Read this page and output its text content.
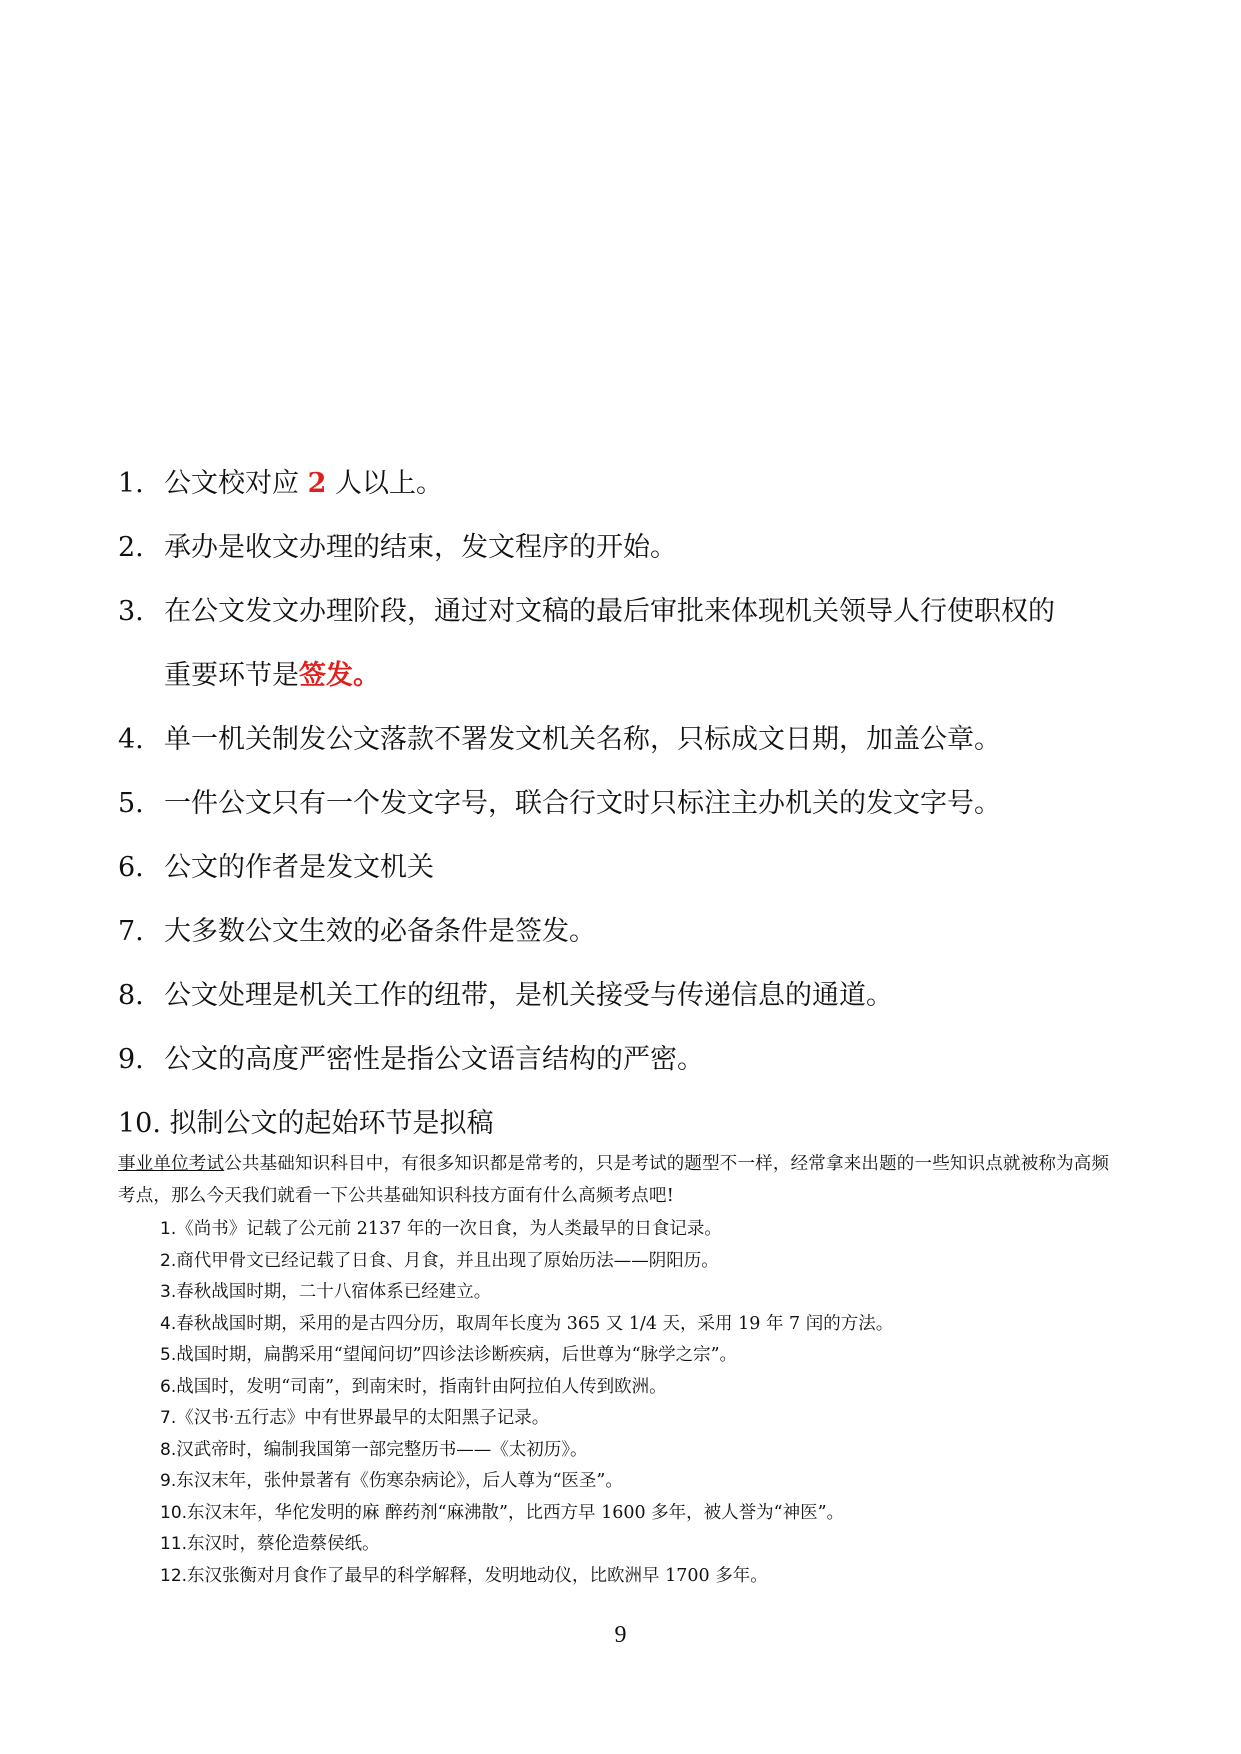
1. 公文校对应 2 人以上。
2. 承办是收文办理的结束，发文程序的开始。
3. 在公文发文办理阶段，通过对文稿的最后审批来体现机关领导人行使职权的
重要环节是签发。
4. 单一机关制发公文落款不署发文机关名称，只标成文日期，加盖公章。
5. 一件公文只有一个发文字号，联合行文时只标注主办机关的发文字号。
6. 公文的作者是发文机关
7. 大多数公文生效的必备条件是签发。
8. 公文处理是机关工作的纽带，是机关接受与传递信息的通道。
9. 公文的高度严密性是指公文语言结构的严密。
10. 拟制公文的起始环节是拟稿

事业单位考试公共基础知识科目中，有很多知识都是常考的，只是考试的题型不一样，经常拿来出题的一些知识点就被称为高频考点，那么今天我们就看一下公共基础知识科技方面有什么高频考点吧!

1.《尚书》记载了公元前 2137 年的一次日食，为人类最早的日食记录。
2.商代甲骨文已经记载了日食、月食，并且出现了原始历法——阴阳历。
3.春秋战国时期，二十八宿体系已经建立。
4.春秋战国时期，采用的是古四分历，取周年长度为 365 又 1/4 天，采用 19 年 7 闰的方法。
5.战国时期，扁鹊采用“望闻问切”四诊法诊断疾病，后世尊为“脉学之宗”。
6.战国时，发明“司南”，到南宋时，指南针由阿拉伯人传到欧洲。
7.《汉书·五行志》中有世界最早的太阳黑子记录。
8.汉武帝时，编制我国第一部完整历书——《太初历》。
9.东汉末年，张仲景著有《伤寒杂病论》，后人尊为“医圣”。
10.东汉末年，华佗发明的麻 醉药剂“麻沸散”，比西方早 1600 多年，被人誉为“神医”。
11.东汉时，蔡伦造蔡侯纸。
12.东汉张衡对月食作了最早的科学解释，发明地动仪，比欧洲早 1700 多年。
9
